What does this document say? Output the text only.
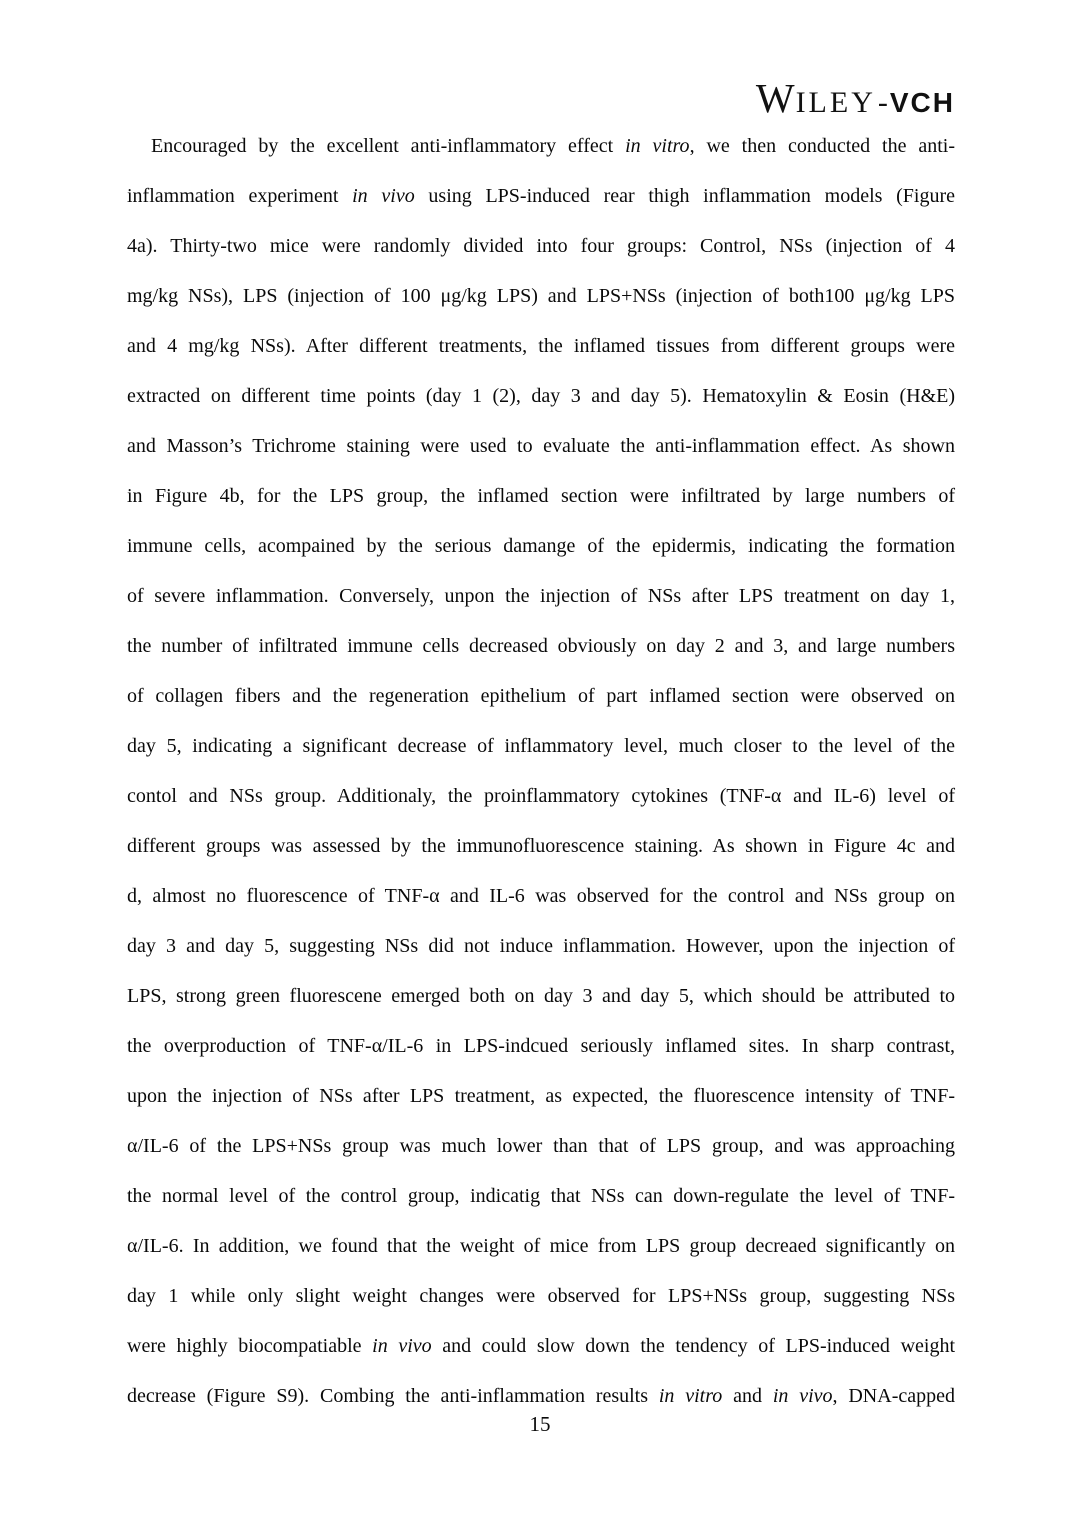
WILEY-VCH
Encouraged by the excellent anti-inflammatory effect in vitro, we then conducted the anti-
inflammation experiment in vivo using LPS-induced rear thigh inflammation models (Figure
4a). Thirty-two mice were randomly divided into four groups: Control, NSs (injection of 4
mg/kg NSs), LPS (injection of 100 μg/kg LPS) and LPS+NSs (injection of both100 μg/kg LPS
and 4 mg/kg NSs). After different treatments, the inflamed tissues from different groups were
extracted on different time points (day 1 (2), day 3 and day 5). Hematoxylin & Eosin (H&E)
and Masson’s Trichrome staining were used to evaluate the anti-inflammation effect. As shown
in Figure 4b, for the LPS group, the inflamed section were infiltrated by large numbers of
immune cells, acompained by the serious damange of the epidermis, indicating the formation
of severe inflammation. Conversely, unpon the injection of NSs after LPS treatment on day 1,
the number of infiltrated immune cells decreased obviously on day 2 and 3, and large numbers
of collagen fibers and the regeneration epithelium of part inflamed section were observed on
day 5, indicating a significant decrease of inflammatory level, much closer to the level of the
contol and NSs group. Additionaly, the proinflammatory cytokines (TNF-α and IL-6) level of
different groups was assessed by the immunofluorescence staining. As shown in Figure 4c and
d, almost no fluorescence of TNF-α and IL-6 was observed for the control and NSs group on
day 3 and day 5, suggesting NSs did not induce inflammation. However, upon the injection of
LPS, strong green fluorescene emerged both on day 3 and day 5, which should be attributed to
the overproduction of TNF-α/IL-6 in LPS-indcued seriously inflamed sites. In sharp contrast,
upon the injection of NSs after LPS treatment, as expected, the fluorescence intensity of TNF-
α/IL-6 of the LPS+NSs group was much lower than that of LPS group, and was approaching
the normal level of the control group, indicatig that NSs can down-regulate the level of TNF-
α/IL-6. In addition, we found that the weight of mice from LPS group decreaed significantly on
day 1 while only slight weight changes were observed for LPS+NSs group, suggesting NSs
were highly biocompatiable in vivo and could slow down the tendency of LPS-induced weight
decrease (Figure S9). Combing the anti-inflammation results in vitro and in vivo, DNA-capped
15
